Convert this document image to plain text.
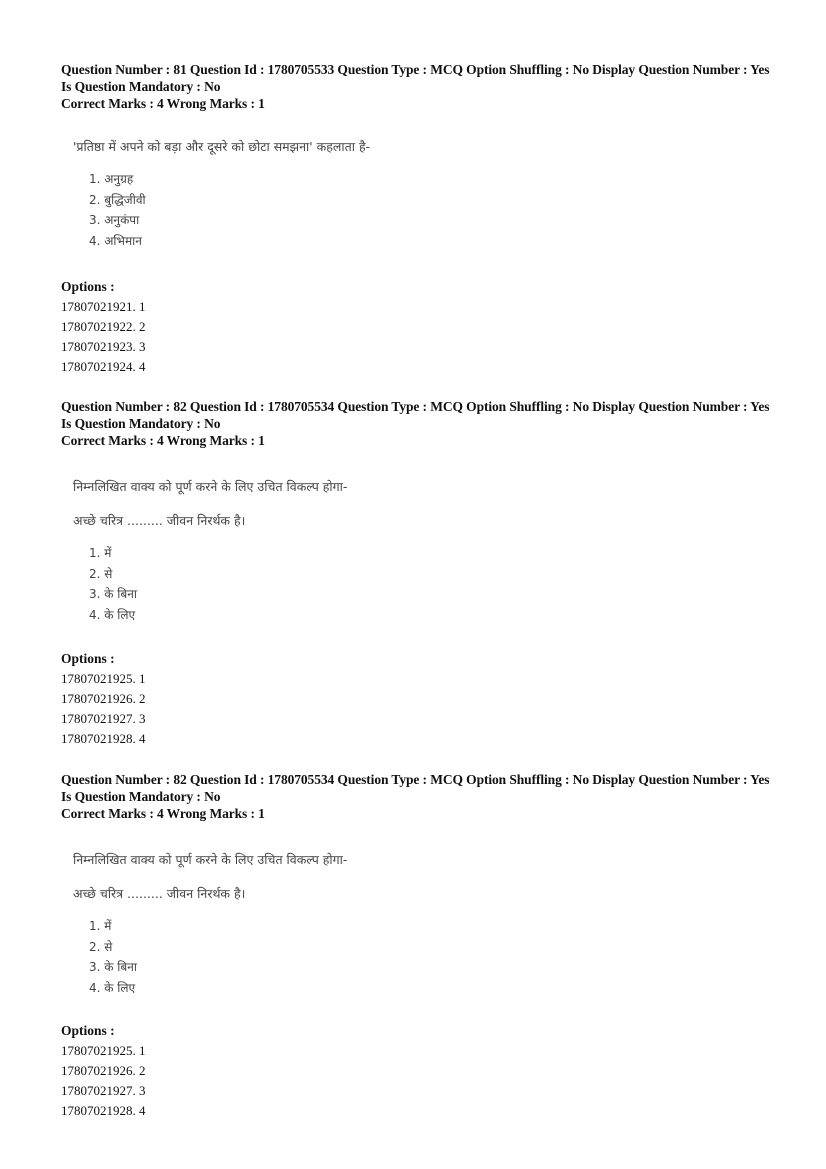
Question Number : 81 Question Id : 1780705533 Question Type : MCQ Option Shuffling : No Display Question Number : Yes
Is Question Mandatory : No
Correct Marks : 4 Wrong Marks : 1
'प्रतिष्ठा में अपने को बड़ा और दूसरे को छोटा समझना' कहलाता है-
1. अनुग्रह
2. बुद्धिजीवी
3. अनुकंपा
4. अभिमान
Options :
17807021921. 1
17807021922. 2
17807021923. 3
17807021924. 4
Question Number : 82 Question Id : 1780705534 Question Type : MCQ Option Shuffling : No Display Question Number : Yes
Is Question Mandatory : No
Correct Marks : 4 Wrong Marks : 1
निम्नलिखित वाक्य को पूर्ण करने के लिए उचित विकल्प होगा-
अच्छे चरित्र ......... जीवन निरर्थक है।
1. में
2. से
3. के बिना
4. के लिए
Options :
17807021925. 1
17807021926. 2
17807021927. 3
17807021928. 4
Question Number : 82 Question Id : 1780705534 Question Type : MCQ Option Shuffling : No Display Question Number : Yes
Is Question Mandatory : No
Correct Marks : 4 Wrong Marks : 1
निम्नलिखित वाक्य को पूर्ण करने के लिए उचित विकल्प होगा-
अच्छे चरित्र ......... जीवन निरर्थक है।
1. में
2. से
3. के बिना
4. के लिए
Options :
17807021925. 1
17807021926. 2
17807021927. 3
17807021928. 4
